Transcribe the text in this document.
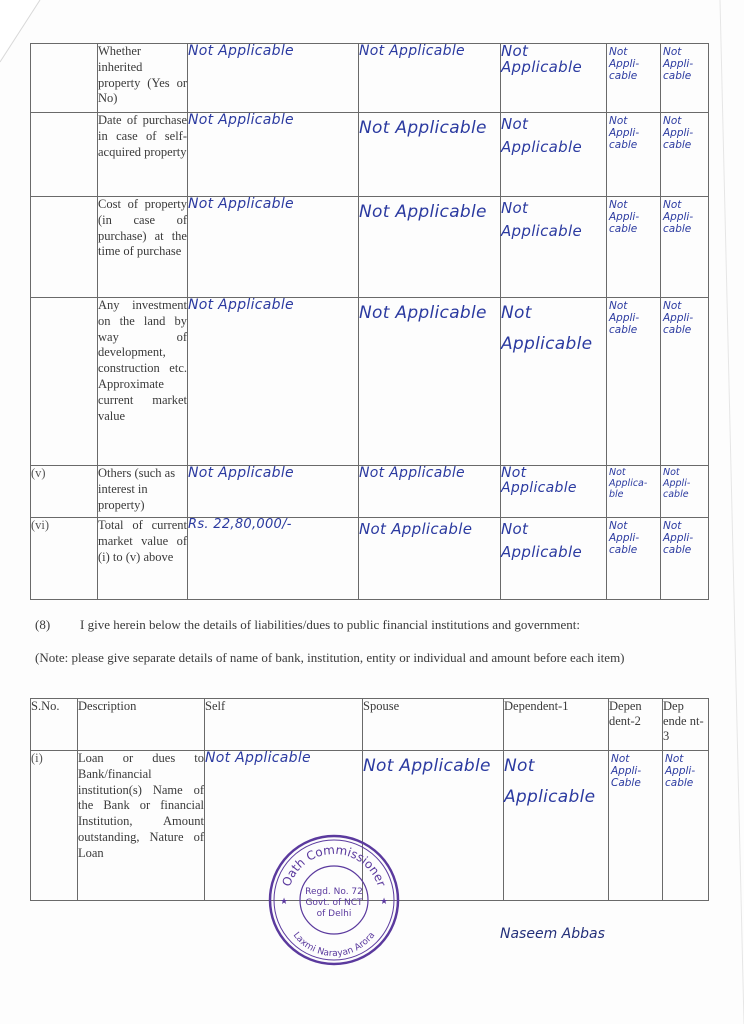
	Whether inherited property (Yes or No)	Not Applicable	Not Applicable	Not Applicable	Not Appli-cable	Not Appli-cable
	Date of purchase in case of self-acquired property	Not Applicable	Not Applicable	Not Applicable	Not Appli-cable	Not Appli-cable
	Cost of property (in case of purchase) at the time of purchase	Not Applicable	Not Applicable	Not Applicable	Not Appli-cable	Not Appli-cable
	Any investment on the land by way of development, construction etc. Approximate current market value	Not Applicable	Not Applicable	Not Applicable	Not Appli-cable	Not Appli-cable
(v)	Others (such as interest in property)	Not Applicable	Not Applicable	Not Applicable	Not Applica-ble	Not Appli-cable
(vi)	Total of current market value of (i) to (v) above	Rs. 22,80,000/-	Not Applicable	Not Applicable	Not Appli-cable	Not Appli-cable
(8) I give herein below the details of liabilities/dues to public financial institutions and government:
(Note: please give separate details of name of bank, institution, entity or individual and amount before each item)
S.No.	Description	Self	Spouse	Dependent-1	Depen dent-2	Dep ende nt-3
(i)	Loan or dues to Bank/financial institution(s) Name of the Bank or financial Institution, Amount outstanding, Nature of Loan	Not Applicable	Not Applicable	Not Applicable	Not Appli-Cable	Not Appli-cable
Oath Commissioner
Laxmi Narayan Arora
Regd. No. 72
Govt. of NCT
of Delhi
★	★
Naseem Abbas
